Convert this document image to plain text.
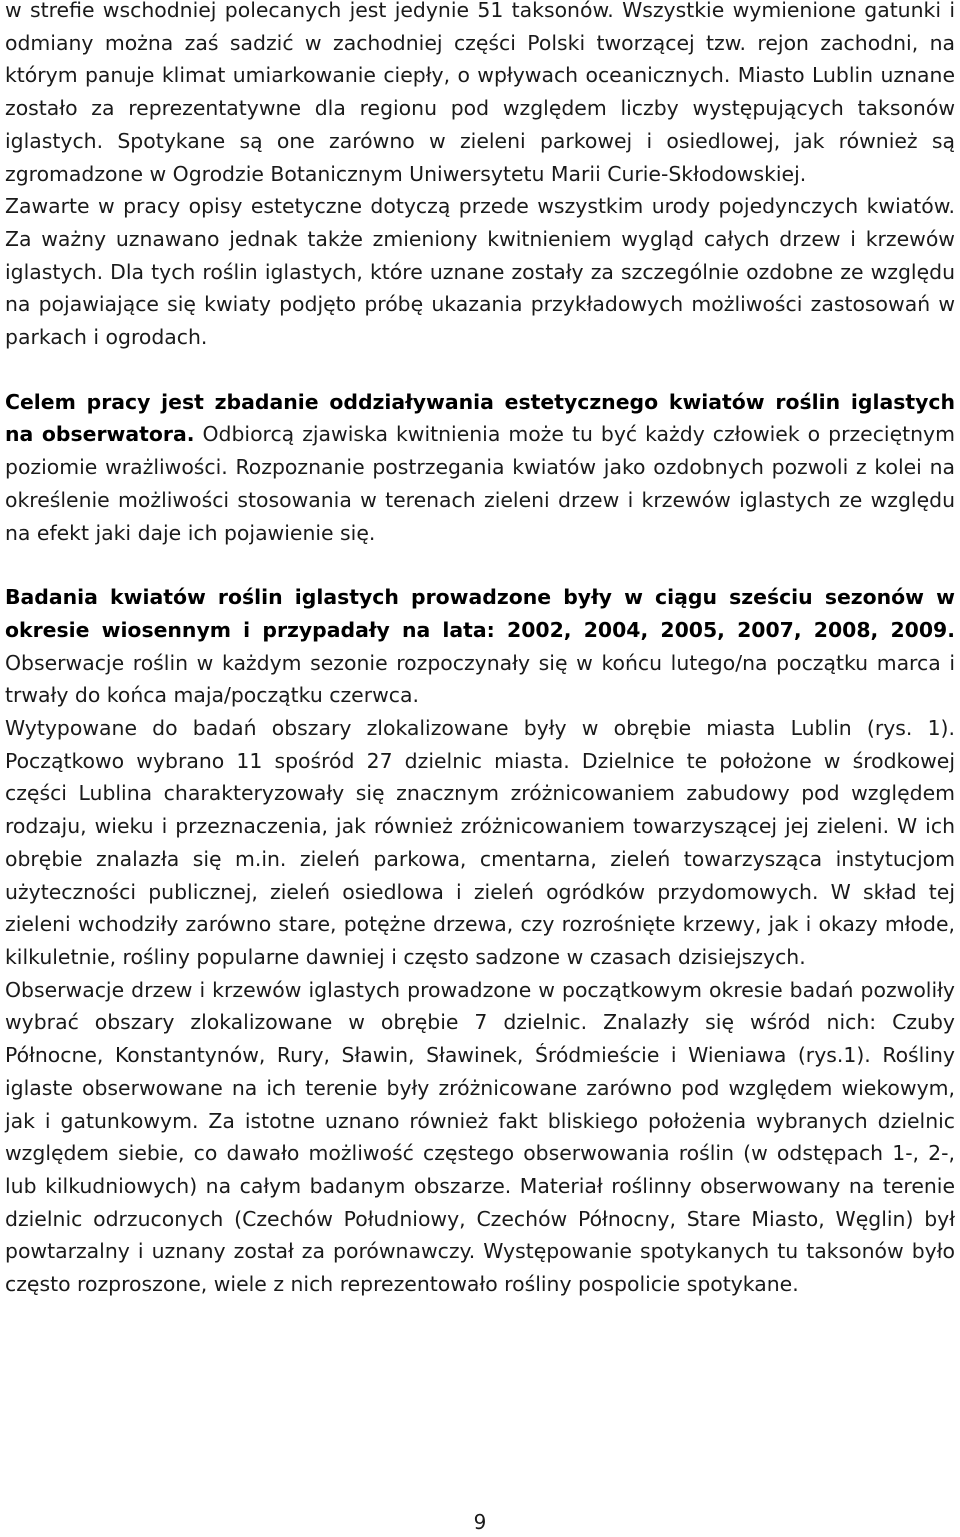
w strefie wschodniej polecanych jest jedynie 51 taksonów. Wszystkie wymienione gatunki i odmiany można zaś sadzić w zachodniej części Polski tworzącej tzw. rejon zachodni, na którym panuje klimat umiarkowanie ciepły, o wpływach oceanicznych. Miasto Lublin uznane zostało za reprezentatywne dla regionu pod względem liczby występujących taksonów iglastych. Spotykane są one zarówno w zieleni parkowej i osiedlowej, jak również są zgromadzone w Ogrodzie Botanicznym Uniwersytetu Marii Curie-Skłodowskiej.

Zawarte w pracy opisy estetyczne dotyczą przede wszystkim urody pojedynczych kwiatów. Za ważny uznawano jednak także zmieniony kwitnieniem wygląd całych drzew i krzewów iglastych. Dla tych roślin iglastych, które uznane zostały za szczególnie ozdobne ze względu na pojawiające się kwiaty podjęto próbę ukazania przykładowych możliwości zastosowań w parkach i ogrodach.

Celem pracy jest zbadanie oddziaływania estetycznego kwiatów roślin iglastych na obserwatora. Odbiorcą zjawiska kwitnienia może tu być każdy człowiek o przeciętnym poziomie wrażliwości. Rozpoznanie postrzegania kwiatów jako ozdobnych pozwoli z kolei na określenie możliwości stosowania w terenach zieleni drzew i krzewów iglastych ze względu na efekt jaki daje ich pojawienie się.

Badania kwiatów roślin iglastych prowadzone były w ciągu sześciu sezonów w okresie wiosennym i przypadały na lata: 2002, 2004, 2005, 2007, 2008, 2009. Obserwacje roślin w każdym sezonie rozpoczynały się w końcu lutego/na początku marca i trwały do końca maja/początku czerwca.

Wytypowane do badań obszary zlokalizowane były w obrębie miasta Lublin (rys. 1). Początkowo wybrano 11 spośród 27 dzielnic miasta. Dzielnice te położone w środkowej części Lublina charakteryzowały się znacznym zróżnicowaniem zabudowy pod względem rodzaju, wieku i przeznaczenia, jak również zróżnicowaniem towarzyszącej jej zieleni. W ich obrębie znalazła się m.in. zieleń parkowa, cmentarna, zieleń towarzysząca instytucjom użyteczności publicznej, zieleń osiedlowa i zieleń ogródków przydomowych. W skład tej zieleni wchodziły zarówno stare, potężne drzewa, czy rozrośnięte krzewy, jak i okazy młode, kilkuletnie, rośliny popularne dawniej i często sadzone w czasach dzisiejszych.

Obserwacje drzew i krzewów iglastych prowadzone w początkowym okresie badań pozwoliły wybrać obszary zlokalizowane w obrębie 7 dzielnic. Znalazły się wśród nich: Czuby Północne, Konstantynów, Rury, Sławin, Sławinek, Śródmieście i Wieniawa (rys.1). Rośliny iglaste obserwowane na ich terenie były zróżnicowane zarówno pod względem wiekowym, jak i gatunkowym. Za istotne uznano również fakt bliskiego położenia wybranych dzielnic względem siebie, co dawało możliwość częstego obserwowania roślin (w odstępach 1-, 2-, lub kilkudniowych) na całym badanym obszarze. Materiał roślinny obserwowany na terenie dzielnic odrzuconych (Czechów Południowy, Czechów Północny, Stare Miasto, Węglin) był powtarzalny i uznany został za porównawczy. Występowanie spotykanych tu taksonów było często rozproszone, wiele z nich reprezentowało rośliny pospolicie spotykane.

9
